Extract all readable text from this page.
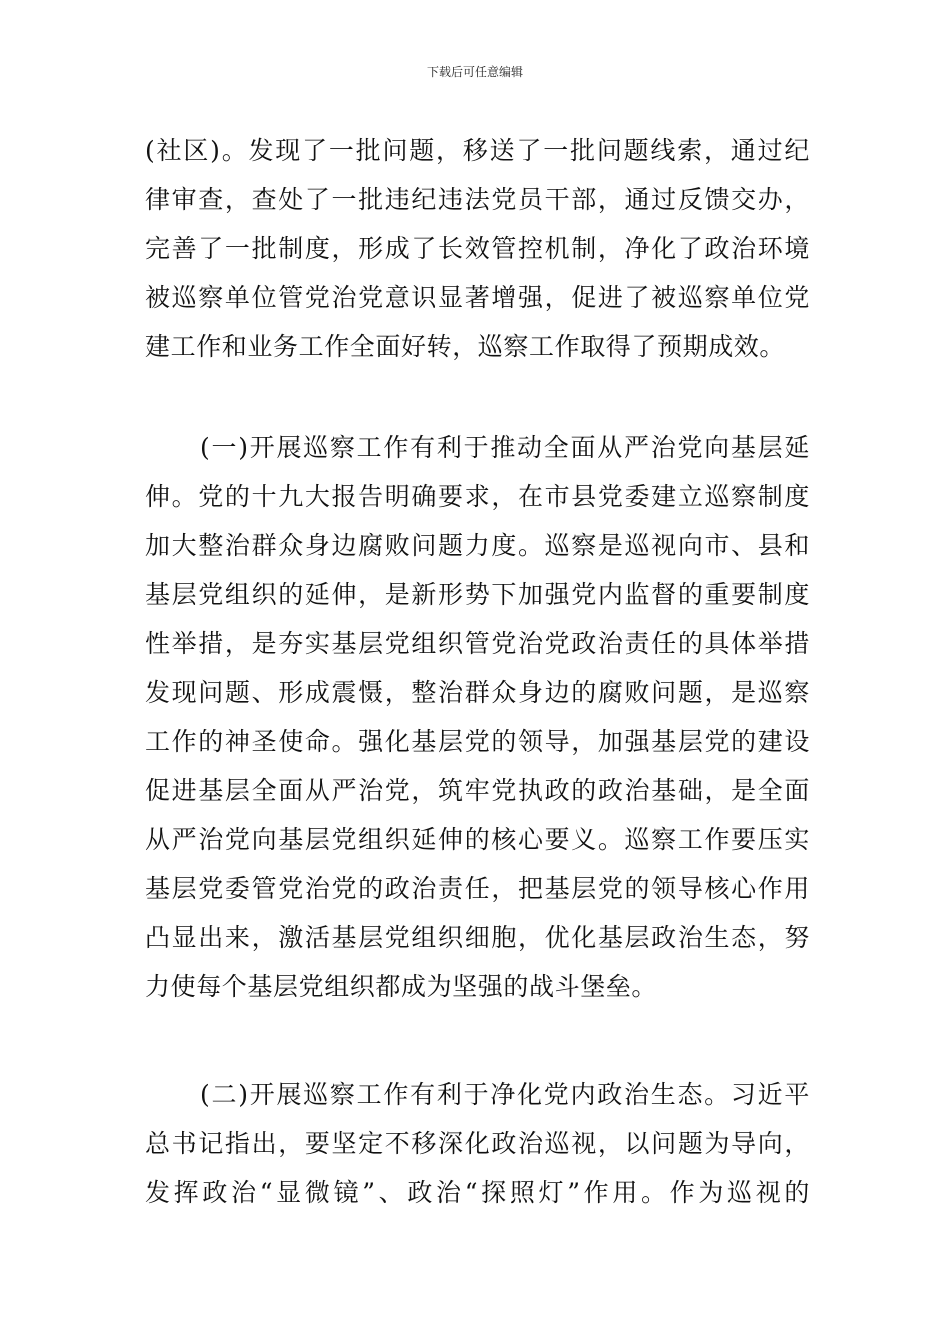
下载后可任意编辑
(社区)。发现了一批问题，移送了一批问题线索，通过纪
律审查，查处了一批违纪违法党员干部，通过反馈交办，
完善了一批制度，形成了长效管控机制，净化了政治环境
被巡察单位管党治党意识显著增强，促进了被巡察单位党
建工作和业务工作全面好转，巡察工作取得了预期成效。
(一)开展巡察工作有利于推动全面从严治党向基层延
伸。党的十九大报告明确要求，在市县党委建立巡察制度
加大整治群众身边腐败问题力度。巡察是巡视向市、县和
基层党组织的延伸，是新形势下加强党内监督的重要制度
性举措，是夯实基层党组织管党治党政治责任的具体举措
发现问题、形成震慑，整治群众身边的腐败问题，是巡察
工作的神圣使命。强化基层党的领导，加强基层党的建设
促进基层全面从严治党，筑牢党执政的政治基础，是全面
从严治党向基层党组织延伸的核心要义。巡察工作要压实
基层党委管党治党的政治责任，把基层党的领导核心作用
凸显出来，激活基层党组织细胞，优化基层政治生态，努
力使每个基层党组织都成为坚强的战斗堡垒。
(二)开展巡察工作有利于净化党内政治生态。习近平
总书记指出，要坚定不移深化政治巡视，以问题为导向，
发挥政治“显微镜”、政治“探照灯”作用。作为巡视的
